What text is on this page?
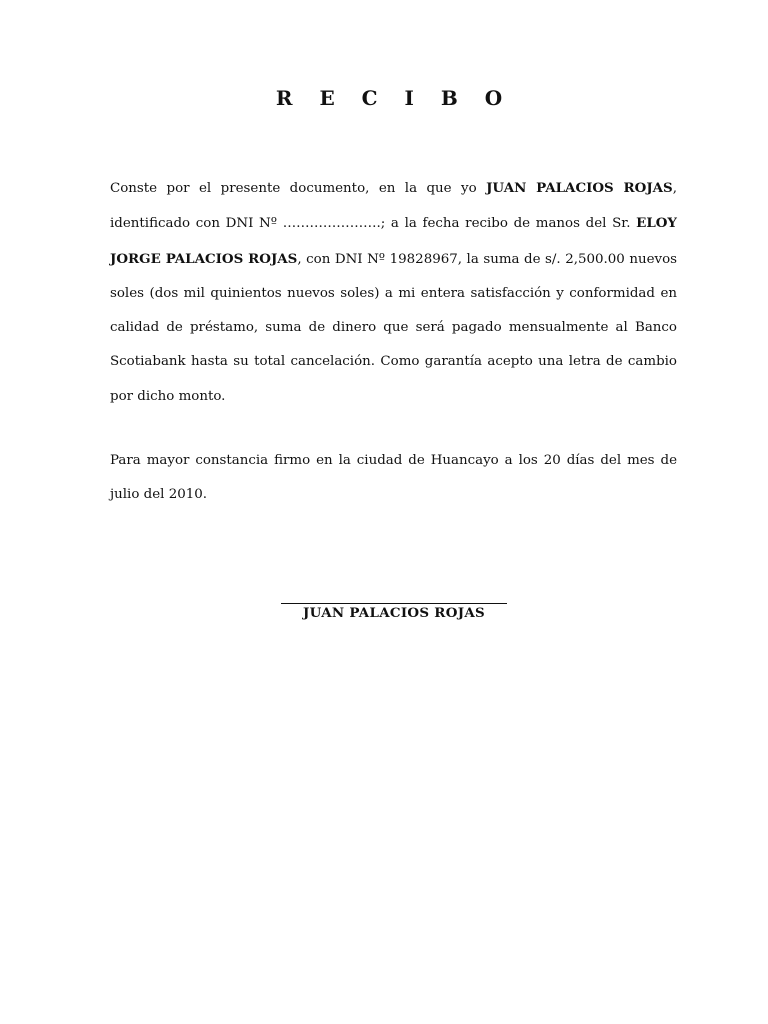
R E C I B O

Conste por el presente documento, en la que yo JUAN PALACIOS ROJAS, identificado con DNI Nº ………………….; a la fecha recibo de manos del Sr. ELOY JORGE PALACIOS ROJAS, con DNI Nº 19828967, la suma de s/. 2,500.00 nuevos soles (dos mil quinientos nuevos soles) a mi entera satisfacción y conformidad en calidad de préstamo, suma de dinero que será pagado mensualmente al Banco Scotiabank hasta su total cancelación. Como garantía acepto una letra de cambio por dicho monto.

Para mayor constancia firmo en la ciudad de Huancayo a los 20 días del mes de julio del 2010.

JUAN PALACIOS ROJAS
